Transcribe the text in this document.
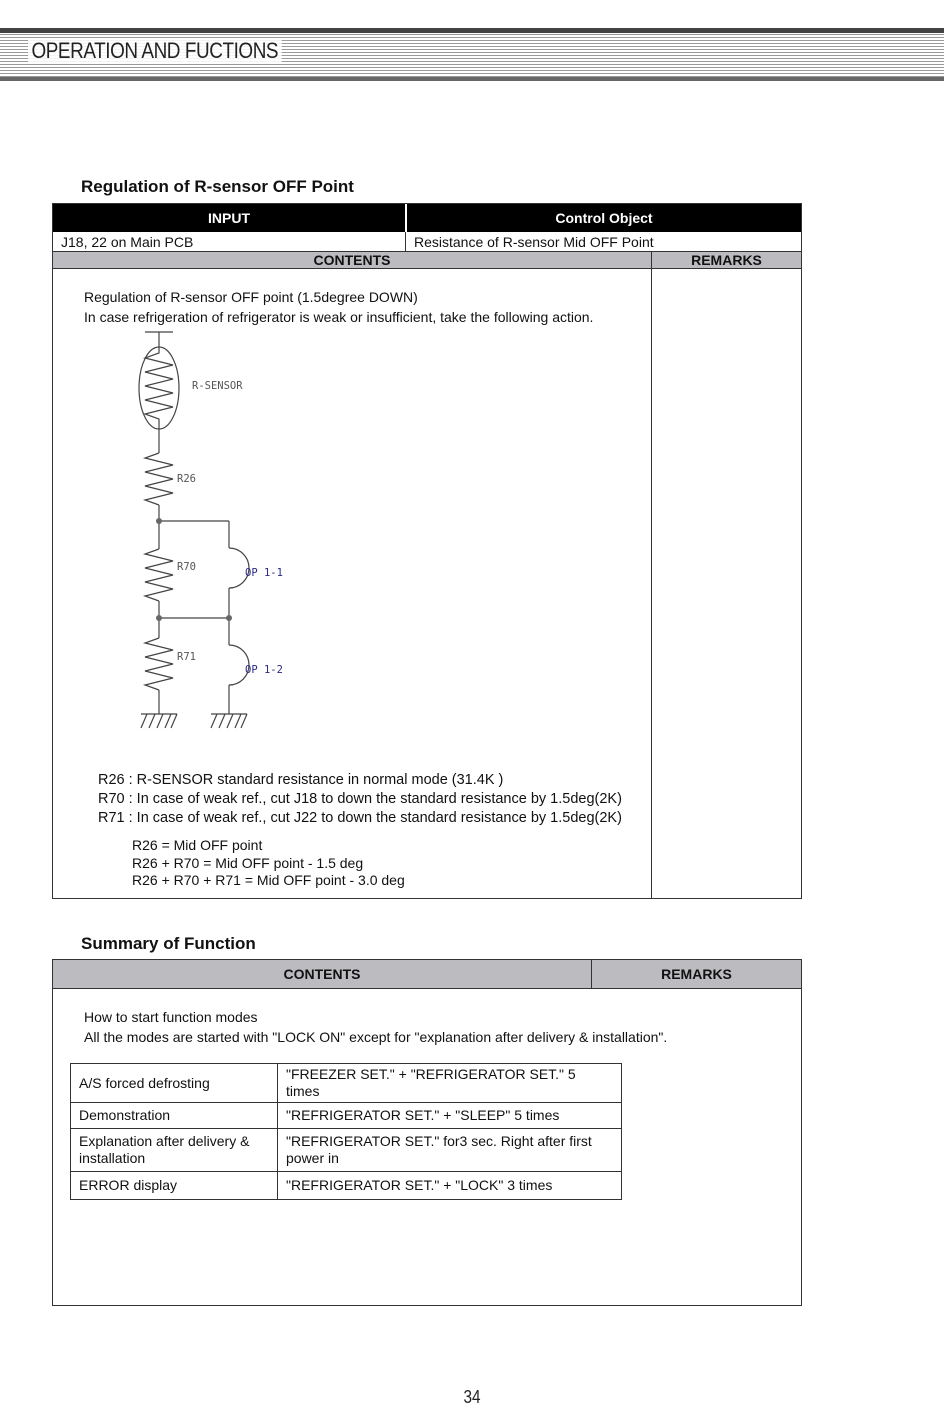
OPERATION AND FUCTIONS
Regulation of R-sensor OFF Point
INPUT	Control Object
J18, 22 on Main PCB	Resistance of R-sensor Mid OFF Point
CONTENTS	REMARKS
Regulation of R-sensor OFF point (1.5degree DOWN)
In case refrigeration of refrigerator is weak or insufficient, take the following action.
R-SENSOR
R26
R70
R71
OP 1-1
OP 1-2
R26 : R-SENSOR standard resistance in normal mode (31.4K )
R70 : In case of weak ref., cut J18 to down the standard resistance by 1.5deg(2K)
R71 : In case of weak ref., cut J22 to down the standard resistance by 1.5deg(2K)
R26 = Mid OFF point
R26 + R70 = Mid OFF point - 1.5 deg
R26 + R70 + R71 = Mid OFF point - 3.0 deg
Summary of Function
CONTENTS	REMARKS
How to start function modes
All the modes are started with "LOCK ON" except for "explanation after delivery & installation".
A/S forced defrosting	"FREEZER SET." + "REFRIGERATOR SET." 5 times
Demonstration	"REFRIGERATOR SET." + "SLEEP" 5 times
Explanation after delivery & installation	"REFRIGERATOR SET." for3 sec. Right after first power in
ERROR display	"REFRIGERATOR SET." + "LOCK" 3 times
34
